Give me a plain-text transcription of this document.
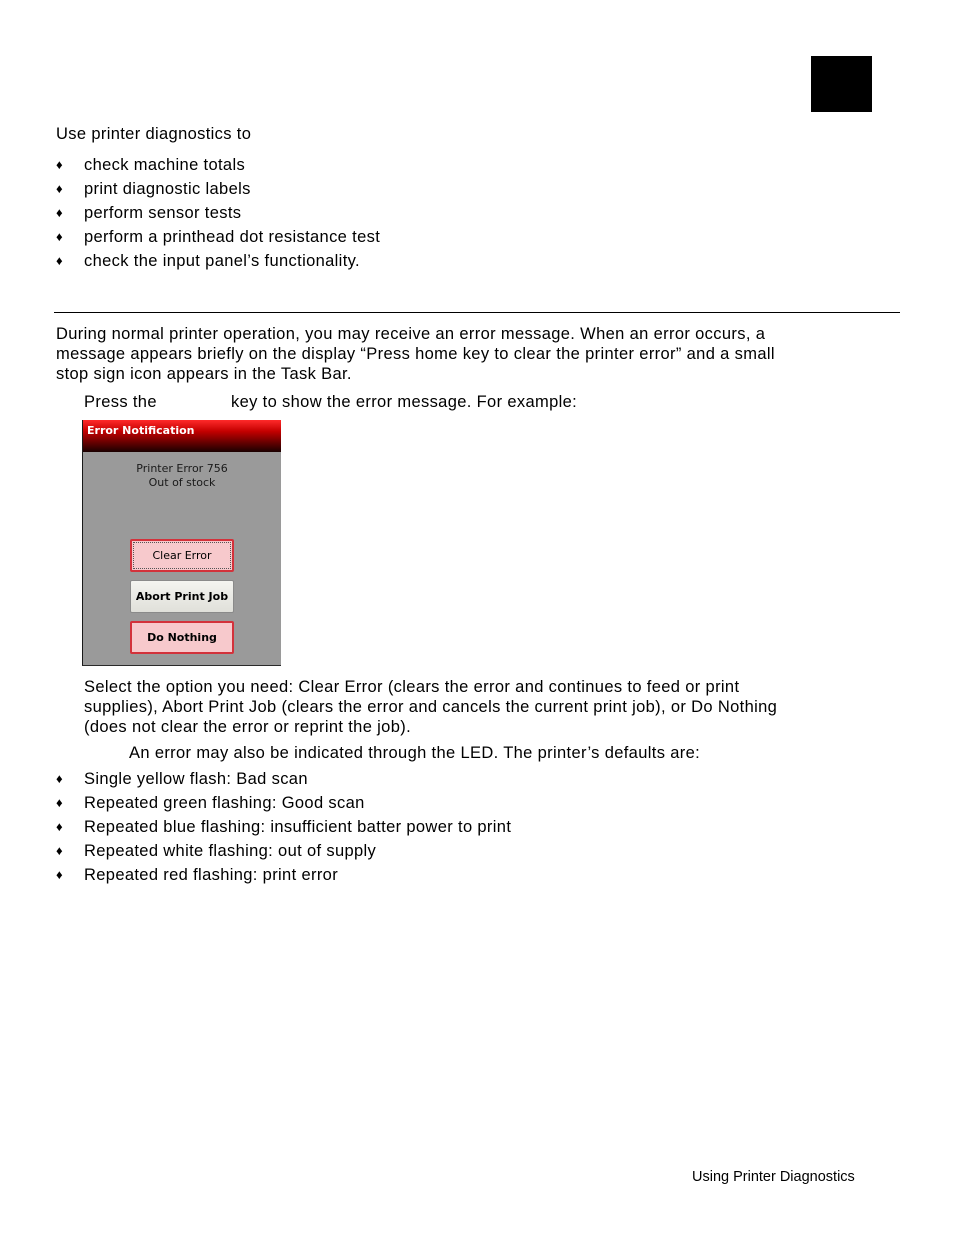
Use printer diagnostics to
♦ check machine totals
♦ print diagnostic labels
♦ perform sensor tests
♦ perform a printhead dot resistance test
♦ check the input panel’s functionality.
During normal printer operation, you may receive an error message. When an error occurs, a
message appears briefly on the display “Press home key to clear the printer error” and a small
stop sign icon appears in the Task Bar.
Press the	key to show the error message. For example:
Error Notification
Printer Error 756
Out of stock
Clear Error
Abort Print Job
Do Nothing
Select the option you need: Clear Error (clears the error and continues to feed or print
supplies), Abort Print Job (clears the error and cancels the current print job), or Do Nothing
(does not clear the error or reprint the job).
An error may also be indicated through the LED. The printer’s defaults are:
♦ Single yellow flash: Bad scan
♦ Repeated green flashing: Good scan
♦ Repeated blue flashing: insufficient batter power to print
♦ Repeated white flashing: out of supply
♦ Repeated red flashing: print error
Using Printer Diagnostics
